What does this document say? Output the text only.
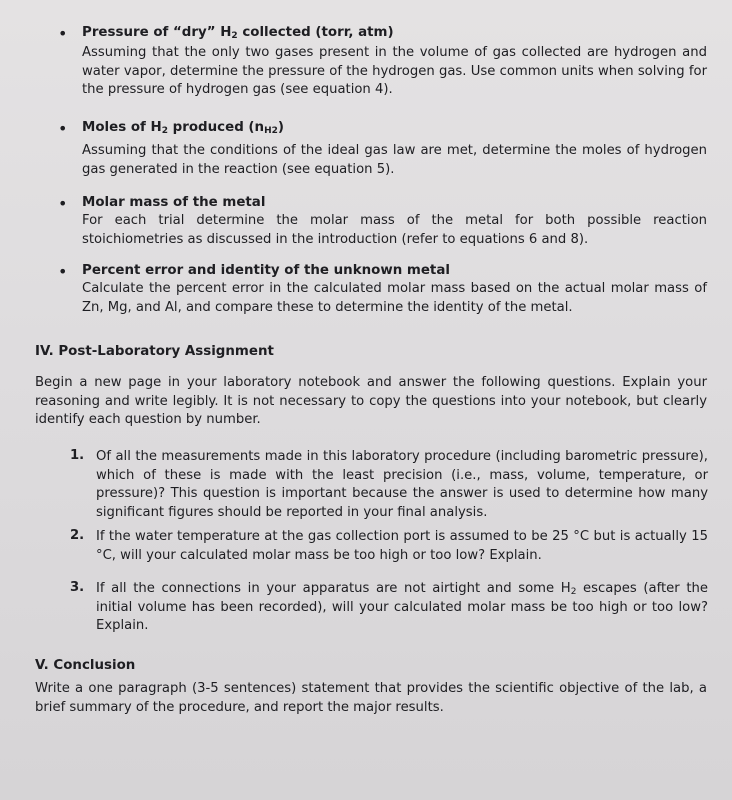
• Pressure of “dry” $H_2$ collected (torr, atm)
Assuming that the only two gases present in the volume of gas collected are hydrogen and water vapor, determine the pressure of the hydrogen gas. Use common units when solving for the pressure of hydrogen gas (see equation 4).
• Moles of $H_2$ produced $(n_{H2})$
Assuming that the conditions of the ideal gas law are met, determine the moles of hydrogen gas generated in the reaction (see equation 5).
• Molar mass of the metal
For each trial determine the molar mass of the metal for both possible reaction stoichiometries as discussed in the introduction (refer to equations 6 and 8).
• Percent error and identity of the unknown metal
Calculate the percent error in the calculated molar mass based on the actual molar mass of Zn, Mg, and Al, and compare these to determine the identity of the metal.
IV. Post-Laboratory Assignment
Begin a new page in your laboratory notebook and answer the following questions. Explain your reasoning and write legibly. It is not necessary to copy the questions into your notebook, but clearly identify each question by number.
1. Of all the measurements made in this laboratory procedure (including barometric pressure), which of these is made with the least precision (i.e., mass, volume, temperature, or pressure)? This question is important because the answer is used to determine how many significant figures should be reported in your final analysis.
2. If the water temperature at the gas collection port is assumed to be 25 °C but is actually 15 °C, will your calculated molar mass be too high or too low? Explain.
3. If all the connections in your apparatus are not airtight and some $H_2$ escapes (after the initial volume has been recorded), will your calculated molar mass be too high or too low? Explain.
V. Conclusion
Write a one paragraph (3-5 sentences) statement that provides the scientific objective of the lab, a brief summary of the procedure, and report the major results.
